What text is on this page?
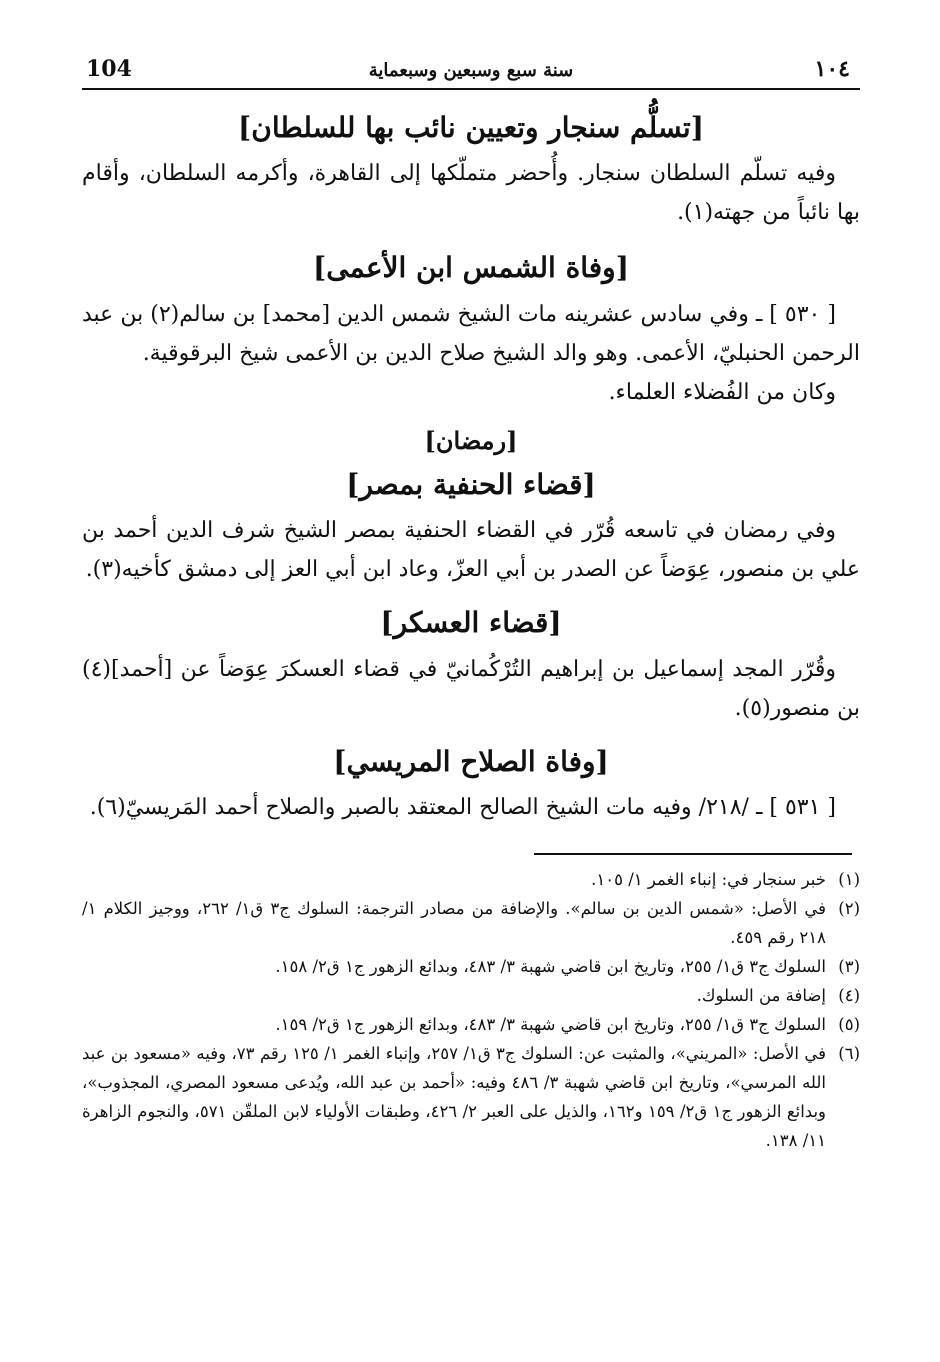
104	سنة سبع وسبعين وسبعماية	١٠٤
[تسلُّم سنجار وتعيين نائب بها للسلطان]

وفيه تسلّم السلطان سنجار. وأُحضر متملّكها إلى القاهرة، وأكرمه السلطان، وأقام بها نائباً من جهته(١).

[وفاة الشمس ابن الأعمى]

[ ٥٣٠ ] ـ وفي سادس عشرينه مات الشيخ شمس الدين [محمد] بن سالم(٢) بن عبد الرحمن الحنبليّ، الأعمى. وهو والد الشيخ صلاح الدين بن الأعمى شيخ البرقوقية.

وكان من الفُضلاء العلماء.

[رمضان]
[قضاء الحنفية بمصر]

وفي رمضان في تاسعه قُرّر في القضاء الحنفية بمصر الشيخ شرف الدين أحمد بن علي بن منصور، عِوَضاً عن الصدر بن أبي العزّ، وعاد ابن أبي العز إلى دمشق كأخيه(٣).

[قضاء العسكر]

وقُرّر المجد إسماعيل بن إبراهيم التُرْكُمانيّ في قضاء العسكرَ عِوَضاً عن [أحمد](٤) بن منصور(٥).

[وفاة الصلاح المريسي]

[ ٥٣١ ] ـ /٢١٨/ وفيه مات الشيخ الصالح المعتقد بالصبر والصلاح أحمد المَريسيّ(٦).

(١)
خبر سنجار في: إنباء الغمر ١/ ١٠٥.
(٢)
في الأصل: «شمس الدين بن سالم». والإضافة من مصادر الترجمة: السلوك ج٣ ق١/ ٢٦٢، ووجيز الكلام ١/ ٢١٨ رقم ٤٥٩.
(٣)
السلوك ج٣ ق١/ ٢٥٥، وتاريخ ابن قاضي شهبة ٣/ ٤٨٣، وبدائع الزهور ج١ ق٢/ ١٥٨.
(٤)
إضافة من السلوك.
(٥)
السلوك ج٣ ق١/ ٢٥٥، وتاريخ ابن قاضي شهبة ٣/ ٤٨٣، وبدائع الزهور ج١ ق٢/ ١٥٩.
(٦)
في الأصل: «المريني»، والمثبت عن: السلوك ج٣ ق١/ ٢٥٧، وإنباء الغمر ١/ ١٢٥ رقم ٧٣، وفيه «مسعود بن عبد الله المرسي»، وتاريخ ابن قاضي شهبة ٣/ ٤٨٦ وفيه: «أحمد بن عبد الله، ويُدعى مسعود المصري، المجذوب»، وبدائع الزهور ج١ ق٢/ ١٥٩ و١٦٢، والذيل على العبر ٢/ ٤٢٦، وطبقات الأولياء لابن الملقّن ٥٧١، والنجوم الزاهرة ١١/ ١٣٨.
